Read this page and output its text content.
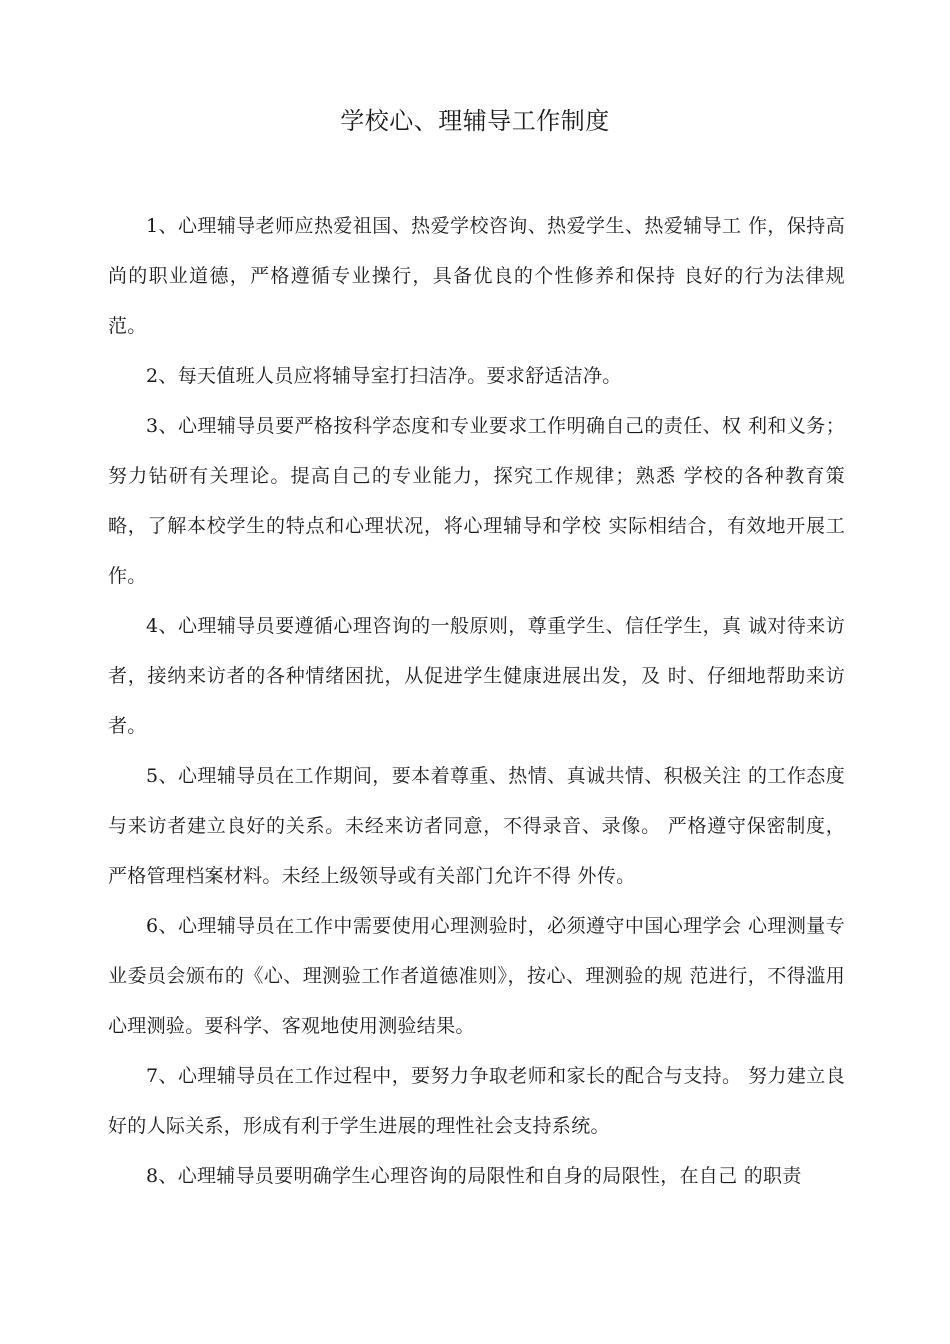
学校心、理辅导工作制度

1、心理辅导老师应热爱祖国、热爱学校咨询、热爱学生、热爱辅导工 作，保持高尚的职业道德，严格遵循专业操行，具备优良的个性修养和保持 良好的行为法律规范。

2、每天值班人员应将辅导室打扫洁净。要求舒适洁净。

3、心理辅导员要严格按科学态度和专业要求工作明确自己的责任、权 利和义务；努力钻研有关理论。提高自己的专业能力，探究工作规律；熟悉 学校的各种教育策略，了解本校学生的特点和心理状况，将心理辅导和学校 实际相结合，有效地开展工作。

4、心理辅导员要遵循心理咨询的一般原则，尊重学生、信任学生，真 诚对待来访者，接纳来访者的各种情绪困扰，从促进学生健康进展出发，及 时、仔细地帮助来访者。

5、心理辅导员在工作期间，要本着尊重、热情、真诚共情、积极关注 的工作态度与来访者建立良好的关系。未经来访者同意，不得录音、录像。 严格遵守保密制度，严格管理档案材料。未经上级领导或有关部门允许不得 外传。

6、心理辅导员在工作中需要使用心理测验时，必须遵守中国心理学会 心理测量专业委员会颁布的《心、理测验工作者道德准则》，按心、理测验的规 范进行，不得滥用心理测验。要科学、客观地使用测验结果。

7、心理辅导员在工作过程中，要努力争取老师和家长的配合与支持。 努力建立良好的人际关系，形成有利于学生进展的理性社会支持系统。

8、心理辅导员要明确学生心理咨询的局限性和自身的局限性，在自己 的职责
